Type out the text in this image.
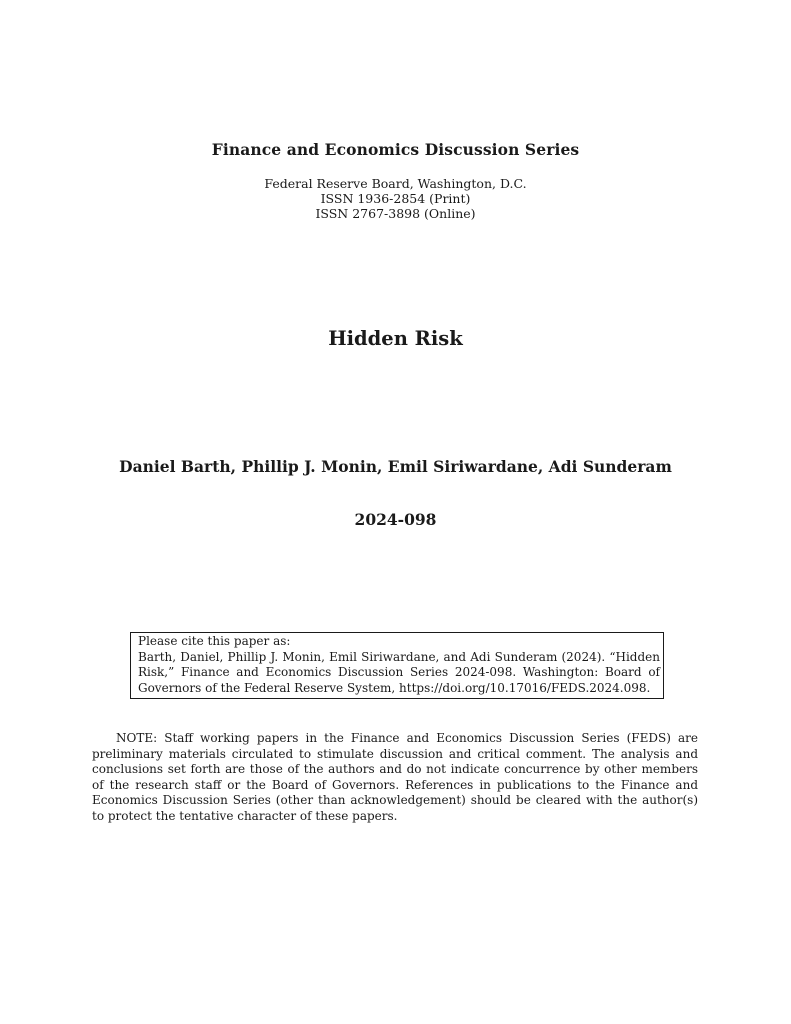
Finance and Economics Discussion Series
Federal Reserve Board, Washington, D.C.
ISSN 1936-2854 (Print)
ISSN 2767-3898 (Online)
Hidden Risk
Daniel Barth, Phillip J. Monin, Emil Siriwardane, Adi Sunderam
2024-098
Please cite this paper as:
Barth, Daniel, Phillip J. Monin, Emil Siriwardane, and Adi Sunderam (2024). “Hidden Risk,” Finance and Economics Discussion Series 2024-098. Washington: Board of Governors of the Federal Reserve System, https://doi.org/10.17016/FEDS.2024.098.
NOTE: Staff working papers in the Finance and Economics Discussion Series (FEDS) are preliminary materials circulated to stimulate discussion and critical comment. The analysis and conclusions set forth are those of the authors and do not indicate concurrence by other members of the research staff or the Board of Governors. References in publications to the Finance and Economics Discussion Series (other than acknowledgement) should be cleared with the author(s) to protect the tentative character of these papers.
